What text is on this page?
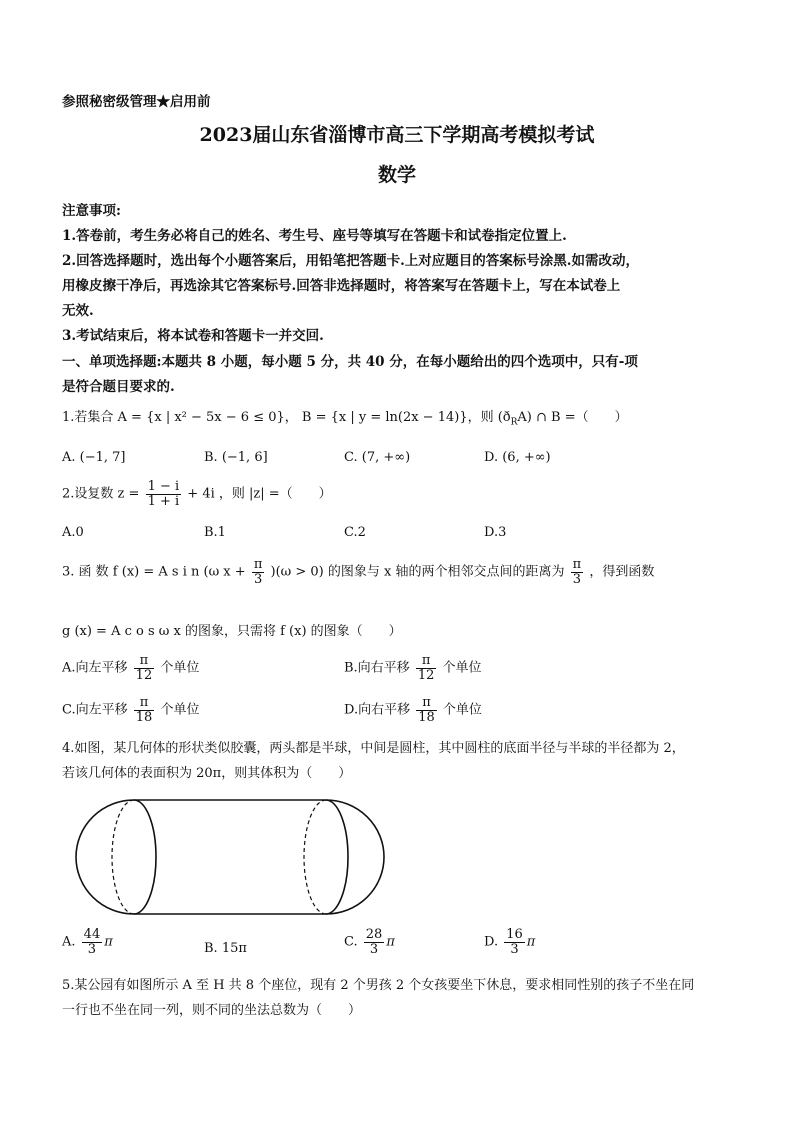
参照秘密级管理★启用前
2023届山东省淄博市高三下学期高考模拟考试
数学
注意事项:
1.答卷前，考生务必将自己的姓名、考生号、座号等填写在答题卡和试卷指定位置上.
2.回答选择题时，选出每个小题答案后，用铅笔把答题卡.上对应题目的答案标号涂黑.如需改动，
用橡皮擦干净后，再选涂其它答案标号.回答非选择题时，将答案写在答题卡上，写在本试卷上
无效.
3.考试结束后，将本试卷和答题卡一并交回.
一、单项选择题:本题共 8 小题，每小题 5 分，共 40 分，在每小题给出的四个选项中，只有-项
是符合题目要求的.
1.若集合 A = {x | x² − 5x − 6 ≤ 0}， B = {x | y = ln(2x − 14)}，则 $(ð_RA)$ ∩ B =（　　）
A. (−1, 7]	B. (−1, 6]	C. (7, +∞)	D. (6, +∞)
2.设复数 $z = \frac{1 - i}{1 + i} + 4i$ ，则 |z| =（　　）
A.0	B.1	C.2	D.3
3. 函 数 f (x) = A s i n (ω $x + \frac{\pi}{3} )(\omega > 0)$ 的图象与 x 轴的两个相邻交点间的距离为 $\frac{\pi}{3}$ ，得到函数
g (x) = A c o s ω x 的图象，只需将 f (x) 的图象（　　）
A.向左平移 $\frac{\pi}{12}$ 个单位	B.向右平移 $\frac{\pi}{12}$ 个单位
C.向左平移 $\frac{\pi}{18}$ 个单位	D.向右平移 $\frac{\pi}{18}$ 个单位
4.如图，某几何体的形状类似胶囊，两头都是半球，中间是圆柱，其中圆柱的底面半径与半球的半径都为 2，
若该几何体的表面积为 20π，则其体积为（　　）
A. $\frac{44}{3}$ π	B. 15π	C. $\frac{28}{3}$ π	D. $\frac{16}{3}$ π
5.某公园有如图所示 A 至 H 共 8 个座位，现有 2 个男孩 2 个女孩要坐下休息，要求相同性别的孩子不坐在同
一行也不坐在同一列，则不同的坐法总数为（　　）
